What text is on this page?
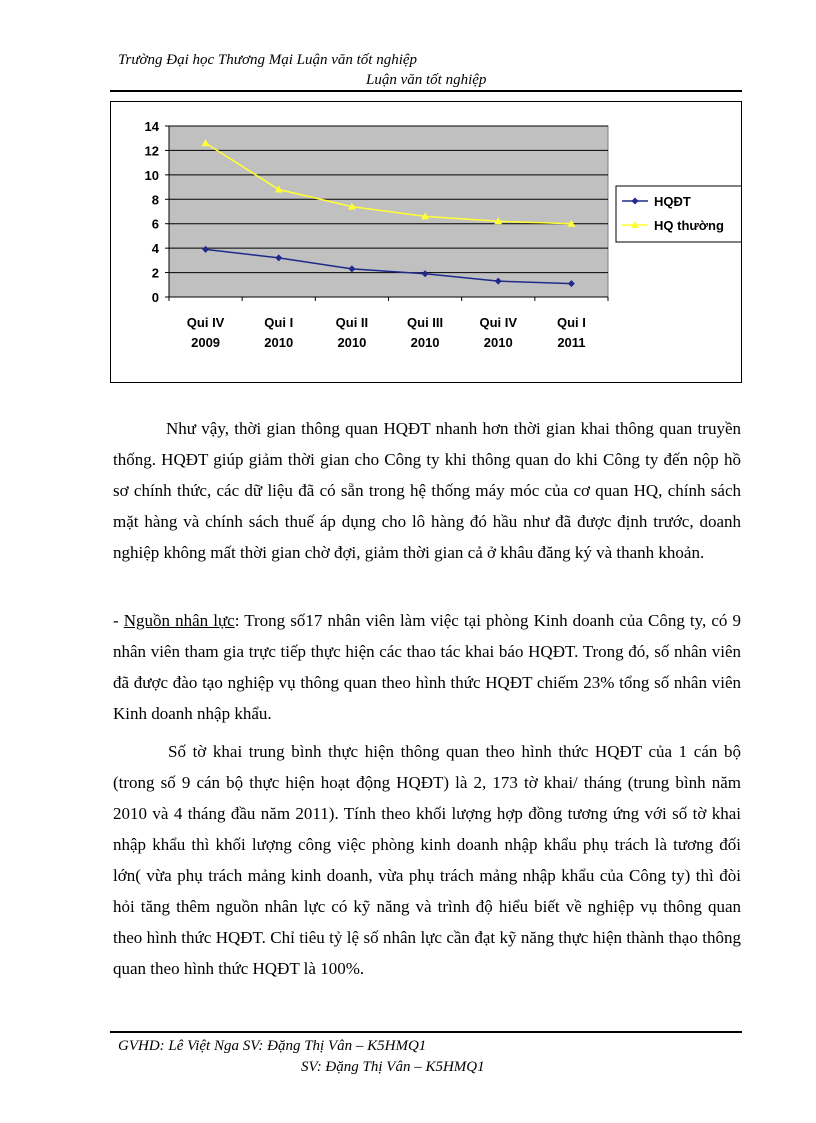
Trường Đại học Thương Mại Luận văn tốt nghiệp
Luận văn tốt nghiệp
0
2
4
6
8
10
12
14
Qui IV
2009
Qui I
2010
Qui II
2010
Qui III
2010
Qui IV
2010
Qui I
2011
HQĐT
HQ thường
Như vậy, thời gian thông quan HQĐT nhanh hơn thời gian khai thông quan truyền thống. HQĐT giúp giảm thời gian cho Công ty khi thông quan do khi Công ty đến nộp hồ sơ chính thức, các dữ liệu đã có sẵn trong hệ thống máy móc của cơ quan HQ, chính sách mặt hàng và chính sách thuế áp dụng cho lô hàng đó hầu như đã được định trước, doanh nghiệp không mất thời gian chờ đợi, giảm thời gian cả ở khâu đăng ký và thanh khoản.
- Nguồn nhân lực: Trong số17 nhân viên làm việc tại phòng Kinh doanh của Công ty, có 9 nhân viên tham gia trực tiếp thực hiện các thao tác khai báo HQĐT. Trong đó, số nhân viên đã được đào tạo nghiệp vụ thông quan theo hình thức HQĐT chiếm 23% tổng số nhân viên Kinh doanh nhập khẩu.
Số tờ khai trung bình thực hiện thông quan theo hình thức HQĐT của 1 cán bộ (trong số 9 cán bộ thực hiện hoạt động HQĐT) là 2, 173 tờ khai/ tháng (trung bình năm 2010 và 4 tháng đầu năm 2011). Tính theo khối lượng hợp đồng tương ứng với số tờ khai nhập khẩu thì khối lượng công việc phòng kinh doanh nhập khẩu phụ trách là tương đối lớn( vừa phụ trách mảng kinh doanh, vừa phụ trách mảng nhập khẩu của Công ty) thì đòi hỏi tăng thêm nguồn nhân lực có kỹ năng và trình độ hiểu biết về nghiệp vụ thông quan theo hình thức HQĐT. Chỉ tiêu tỷ lệ số nhân lực cần đạt kỹ năng thực hiện thành thạo thông quan theo hình thức HQĐT là 100%.
GVHD: Lê Việt Nga SV: Đặng Thị Vân – K5HMQ1
SV: Đặng Thị Vân – K5HMQ1
